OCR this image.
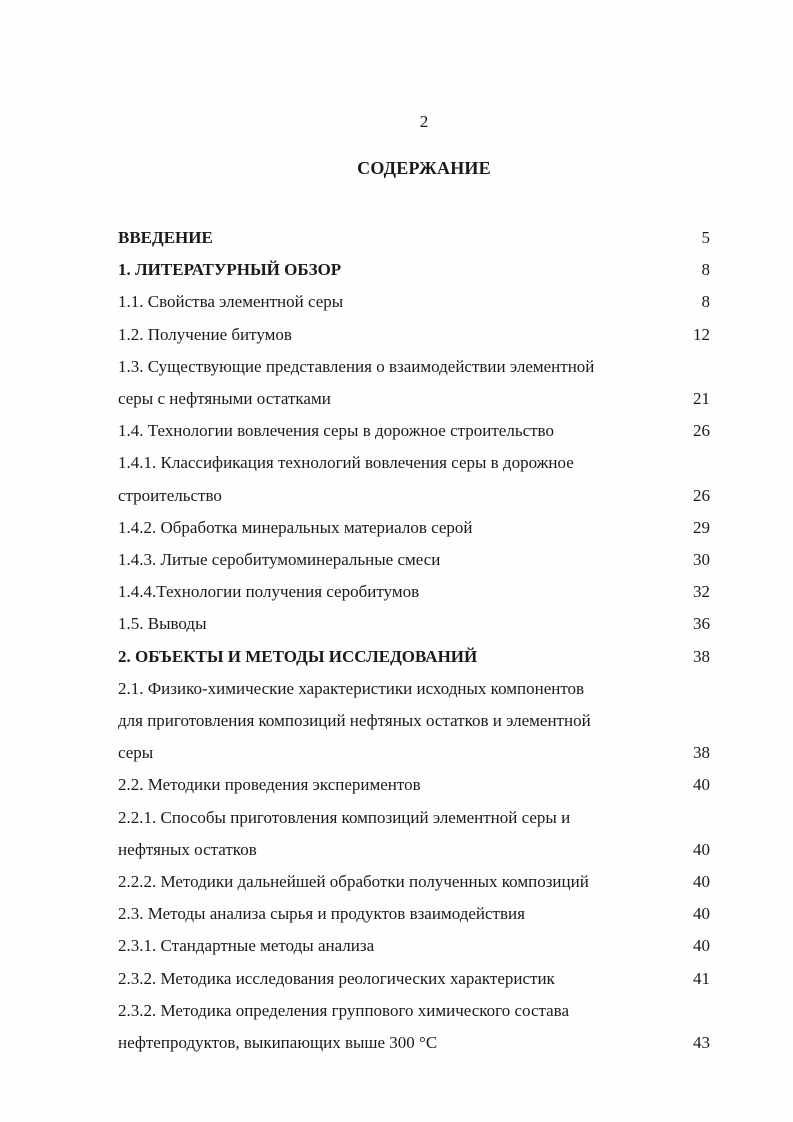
2
СОДЕРЖАНИЕ
ВВЕДЕНИЕ	5
1. ЛИТЕРАТУРНЫЙ ОБЗОР	8
1.1. Свойства элементной серы	8
1.2. Получение битумов	12
1.3. Существующие представления о взаимодействии элементной
серы с нефтяными остатками	21
1.4. Технологии вовлечения серы в дорожное строительство	26
1.4.1. Классификация технологий вовлечения серы в дорожное
строительство	26
1.4.2. Обработка минеральных материалов серой	29
1.4.3. Литые серобитумоминеральные смеси	30
1.4.4.Технологии получения серобитумов	32
1.5. Выводы	36
2. ОБЪЕКТЫ И МЕТОДЫ ИССЛЕДОВАНИЙ	38
2.1. Физико-химические характеристики исходных компонентов
для приготовления композиций нефтяных остатков и элементной
серы	38
2.2. Методики проведения экспериментов	40
2.2.1. Способы приготовления композиций элементной серы и
нефтяных остатков	40
2.2.2. Методики дальнейшей обработки полученных композиций	40
2.3. Методы анализа сырья и продуктов взаимодействия	40
2.3.1. Стандартные методы анализа	40
2.3.2. Методика исследования реологических характеристик	41
2.3.2. Методика определения группового химического состава
нефтепродуктов, выкипающих выше 300 °С	43
